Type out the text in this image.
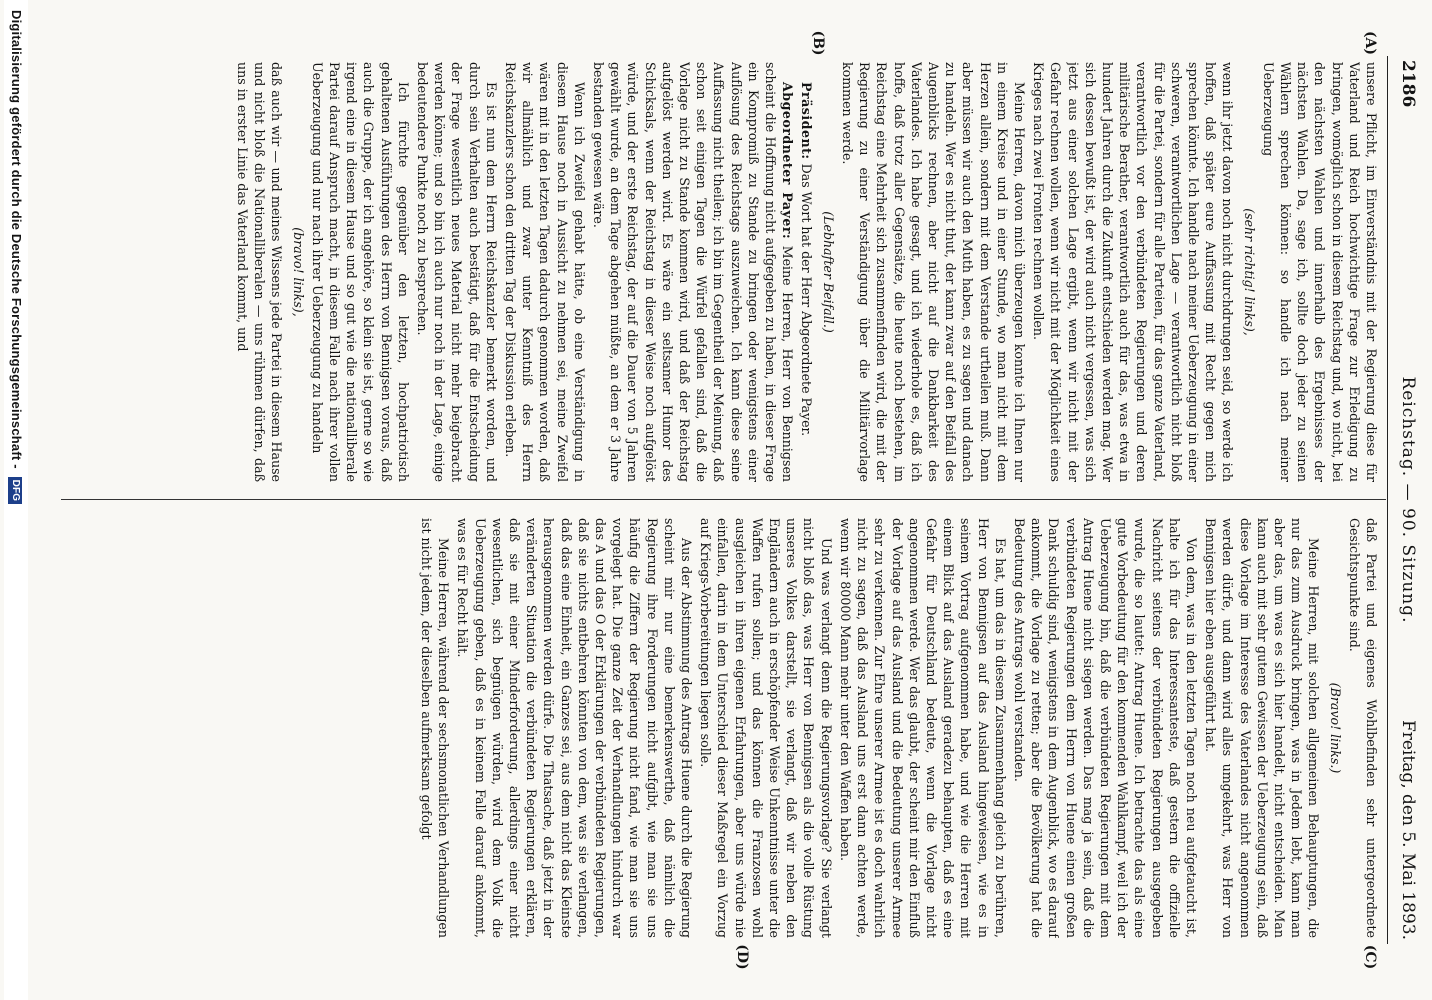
2186
Reichstag. — 90. Sitzung.
Freitag, den 5. Mai 1893.
(A)
(B)
(C)
(D)

unsere Pflicht, im Einverständnis mit der Regierung diese für Vaterland und Reich hochwichtige Frage zur Erledigung zu bringen, womöglich schon in diesem Reichstag und, wo nicht, bei den nächsten Wahlen und innerhalb des Ergebnisses der nächsten Wahlen. Da, sage ich, sollte doch jeder zu seinen Wählern sprechen können: so handle ich nach meiner Ueberzeugung

(sehr richtig! links),

wenn ihr jetzt davon noch nicht durchdrungen seid, so werde ich hoffen, daß später eure Auffassung mit Recht gegen mich sprechen könnte. Ich handle nach meiner Ueberzeugung in einer schweren, verantwortlichen Lage — verantwortlich nicht bloß für die Partei, sondern für alle Parteien, für das ganze Vaterland, verantwortlich vor den verbündeten Regierungen und deren militärische Berather, verantwortlich auch für das, was etwa in hundert Jahren durch die Zukunft entschieden werden mag. Wer sich dessen bewußt ist, der wird auch nicht vergessen, was sich jetzt aus einer solchen Lage ergibt, wenn wir nicht mit der Gefahr rechnen wollen, wenn wir nicht mit der Möglichkeit eines Krieges nach zwei Fronten rechnen wollen.

Meine Herren, davon mich überzeugen konnte ich Ihnen nur in einem Kreise und in einer Stunde, wo man nicht mit dem Herzen allein, sondern mit dem Verstande urtheilen muß. Dann aber müssen wir auch den Muth haben, es zu sagen und danach zu handeln. Wer es nicht thut, der kann zwar auf den Beifall des Augenblicks rechnen, aber nicht auf die Dankbarkeit des Vaterlandes. Ich habe gesagt, und ich wiederhole es, daß ich hoffe, daß trotz aller Gegensätze, die heute noch bestehen, im Reichstag eine Mehrheit sich zusammenfinden wird, die mit der Regierung zu einer Verständigung über die Militärvorlage kommen werde.

(Lebhafter Beifall.)

Präsident: Das Wort hat der Herr Abgeordnete Payer.

Abgeordneter Payer: Meine Herren, Herr von Bennigsen scheint die Hoffnung nicht aufgegeben zu haben, in dieser Frage ein Kompromiß zu Stande zu bringen oder wenigstens einer Auflösung des Reichstags auszuweichen. Ich kann diese seine Auffassung nicht theilen; ich bin im Gegentheil der Meinung, daß schon seit einigen Tagen die Würfel gefallen sind, daß die Vorlage nicht zu Stande kommen wird, und daß der Reichstag aufgelöst werden wird. Es wäre ein seltsamer Humor des Schicksals, wenn der Reichstag in dieser Weise noch aufgelöst würde, und der erste Reichstag, der auf die Dauer von 5 Jahren gewählt wurde, an dem Tage abgehen müßte, an dem er 3 Jahre bestanden gewesen wäre.

Wenn ich Zweifel gehabt hätte, ob eine Verständigung in diesem Hause noch in Aussicht zu nehmen sei, meine Zweifel wären mit in den letzten Tagen dadurch genommen worden, daß wir allmählich und zwar unter Kenntniß des Herrn Reichskanzlers schon den dritten Tag der Diskussion erleben.

Es ist nun dem Herrn Reichskanzler bemerkt worden, und durch sein Verhalten auch bestätigt, daß für die Entscheidung der Frage wesentlich neues Material nicht mehr beigebracht werden könne; und so bin ich auch nur noch in der Lage, einige bedeutendere Punkte noch zu besprechen.

Ich fürchte gegenüber den letzten, hochpatriotisch gehaltenen Ausführungen des Herrn von Bennigsen voraus, daß auch die Gruppe, der ich angehöre, so klein sie ist, gerne so wie irgend eine in diesem Hause und so gut wie die nationalliberale Partei darauf Anspruch macht, in diesem Falle nach ihrer vollen Ueberzeugung und nur nach ihrer Ueberzeugung zu handeln

(bravo! links),

daß auch wir — und meines Wissens jede Partei in diesem Hause und nicht bloß die Nationalliberalen — uns rühmen dürfen, daß uns in erster Linie das Vaterland kommt, und

daß Partei und eigenes Wohlbefinden sehr untergeordnete Gesichtspunkte sind.

(Bravo! links.)

Meine Herren, mit solchen allgemeinen Behauptungen, die nur das zum Ausdruck bringen, was in Jedem lebt, kann man aber das, um was es sich hier handelt, nicht entscheiden. Man kann auch mit sehr gutem Gewissen der Ueberzeugung sein, daß diese Vorlage im Interesse des Vaterlandes nicht angenommen werden dürfe, und dann wird alles umgekehrt, was Herr von Bennigsen hier eben ausgeführt hat.

Von dem, was in den letzten Tagen noch neu aufgetaucht ist, halte ich für das Interessanteste, daß gestern die offizielle Nachricht seitens der verbündeten Regierungen ausgegeben wurde, die so lautet: Antrag Huene. Ich betrachte das als eine gute Vorbedeutung für den kommenden Wahlkampf, weil ich der Ueberzeugung bin, daß die verbündeten Regierungen mit dem Antrag Huene nicht siegen werden. Das mag ja sein, daß die verbündeten Regierungen dem Herrn von Huene einen großen Dank schuldig sind, wenigstens in dem Augenblick, wo es darauf ankommt, die Vorlage zu retten; aber die Bevölkerung hat die Bedeutung des Antrags wohl verstanden.

Es hat, um das in diesem Zusammenhang gleich zu berühren, Herr von Bennigsen auf das Ausland hingewiesen, wie es in seinem Vortrag aufgenommen habe, und wie die Herren mit einem Blick auf das Ausland geradezu behaupten, daß es eine Gefahr für Deutschland bedeute, wenn die Vorlage nicht angenommen werde. Wer das glaubt, der scheint mir den Einfluß der Vorlage auf das Ausland und die Bedeutung unserer Armee sehr zu verkennen. Zur Ehre unserer Armee ist es doch wahrlich nicht zu sagen, daß das Ausland uns erst dann achten werde, wenn wir 80000 Mann mehr unter den Waffen haben.

Und was verlangt denn die Regierungsvorlage? Sie verlangt nicht bloß das, was Herr von Bennigsen als die volle Rüstung unseres Volkes darstellt, sie verlangt, daß wir neben den Engländern auch in erschöpfender Weise Unkenntnisse unter die Waffen rufen sollen; und das können die Franzosen wohl ausgleichen in ihren eigenen Erfahrungen, aber uns würde nie einfallen, darin in dem Unterschied dieser Maßregel ein Vorzug auf Kriegs-Vorbereitungen liegen solle.

Aus der Abstimmung des Antrags Huene durch die Regierung scheint mir nur eine bemerkenswerthe, daß nämlich die Regierung ihre Forderungen nicht aufgibt, wie man sie uns häufig die Ziffern der Regierung nicht fand, wie man sie uns vorgelegt hat. Die ganze Zeit der Verhandlungen hindurch war das A und das O der Erklärungen der verbündeten Regierungen, daß sie nichts entbehren könnten von dem, was sie verlangen, daß das eine Einheit, ein Ganzes sei, aus dem nicht das Kleinste herausgenommen werden dürfe. Die Thatsache, daß jetzt in der veränderten Situation die verbündeten Regierungen erklären, daß sie mit einer Minderforderung, allerdings einer nicht wesentlichen, sich begnügen würden, wird dem Volk die Ueberzeugung geben, daß es in keinem Falle darauf ankommt, was es für Recht hält.

Meine Herren, während der sechsmonatlichen Verhandlungen ist nicht jedem, der dieselben aufmerksam gefolgt

Digitalisierung gefördert durch die Deutsche Forschungsgemeinschaft - DFG
